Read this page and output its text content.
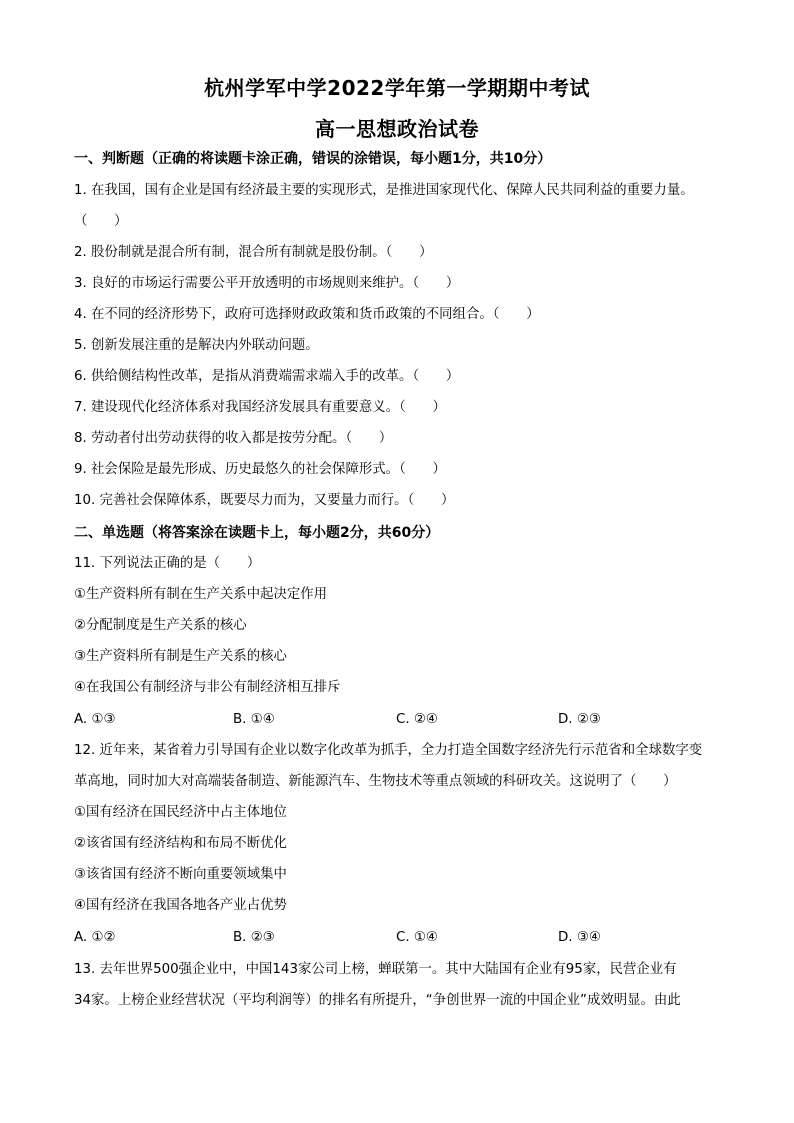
杭州学军中学2022学年第一学期期中考试
高一思想政治试卷
一、判断题（正确的将读题卡涂正确，错误的涂错误，每小题1分，共10分）
1. 在我国，国有企业是国有经济最主要的实现形式，是推进国家现代化、保障人民共同利益的重要力量。
（　　）
2. 股份制就是混合所有制，混合所有制就是股份制。（　　）
3. 良好的市场运行需要公平开放透明的市场规则来维护。（　　）
4. 在不同的经济形势下，政府可选择财政政策和货币政策的不同组合。（　　）
5. 创新发展注重的是解决内外联动问题。
6. 供给侧结构性改革，是指从消费端需求端入手的改革。（　　）
7. 建设现代化经济体系对我国经济发展具有重要意义。（　　）
8. 劳动者付出劳动获得的收入都是按劳分配。（　　）
9. 社会保险是最先形成、历史最悠久的社会保障形式。（　　）
10. 完善社会保障体系，既要尽力而为，又要量力而行。（　　）
二、单选题（将答案涂在读题卡上，每小题2分，共60分）
11. 下列说法正确的是（　　）
①生产资料所有制在生产关系中起决定作用
②分配制度是生产关系的核心
③生产资料所有制是生产关系的核心
④在我国公有制经济与非公有制经济相互排斥
A. ①③	B. ①④	C. ②④	D. ②③
12. 近年来，某省着力引导国有企业以数字化改革为抓手，全力打造全国数字经济先行示范省和全球数字变
革高地，同时加大对高端装备制造、新能源汽车、生物技术等重点领域的科研攻关。这说明了（　　）
①国有经济在国民经济中占主体地位
②该省国有经济结构和布局不断优化
③该省国有经济不断向重要领域集中
④国有经济在我国各地各产业占优势
A. ①②	B. ②③	C. ①④	D. ③④
13. 去年世界500强企业中，中国143家公司上榜，蝉联第一。其中大陆国有企业有95家，民营企业有
34家。上榜企业经营状况（平均利润等）的排名有所提升，“争创世界一流的中国企业”成效明显。由此
